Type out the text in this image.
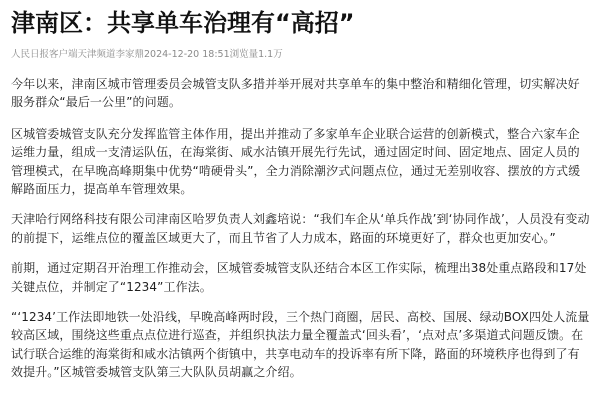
津南区：共享单车治理有“高招”
人民日报客户端天津频道李家鼎2024-12-20 18:51浏览量1.1万

今年以来，津南区城市管理委员会城管支队多措并举开展对共享单车的集中整治和精细化管理，切实解决好服务群众“最后一公里”的问题。

区城管委城管支队充分发挥监管主体作用，提出并推动了多家单车企业联合运营的创新模式，整合六家车企运维力量，组成一支清运队伍，在海棠街、咸水沽镇开展先行先试，通过固定时间、固定地点、固定人员的管理模式，在早晚高峰期集中优势“啃硬骨头”，全力消除潮汐式问题点位，通过无差别收容、摆放的方式缓解路面压力，提高单车管理效果。

天津哈行网络科技有限公司津南区哈罗负责人刘鑫培说：“我们车企从‘单兵作战’到‘协同作战’，人员没有变动的前提下，运维点位的覆盖区域更大了，而且节省了人力成本，路面的环境更好了，群众也更加安心。”

前期，通过定期召开治理工作推动会，区城管委城管支队还结合本区工作实际，梳理出38处重点路段和17处关键点位，并制定了“1234”工作法。

“‘1234’工作法即地铁一处沿线，早晚高峰两时段，三个热门商圈，居民、高校、国展、绿动BOX四处人流量较高区域，围绕这些重点点位进行巡查，并组织执法力量全覆盖式‘回头看’，‘点对点’多渠道式问题反馈。在试行联合运维的海棠街和咸水沽镇两个街镇中，共享电动车的投诉率有所下降，路面的环境秩序也得到了有效提升。”区城管委城管支队第三大队队员胡赢之介绍。
